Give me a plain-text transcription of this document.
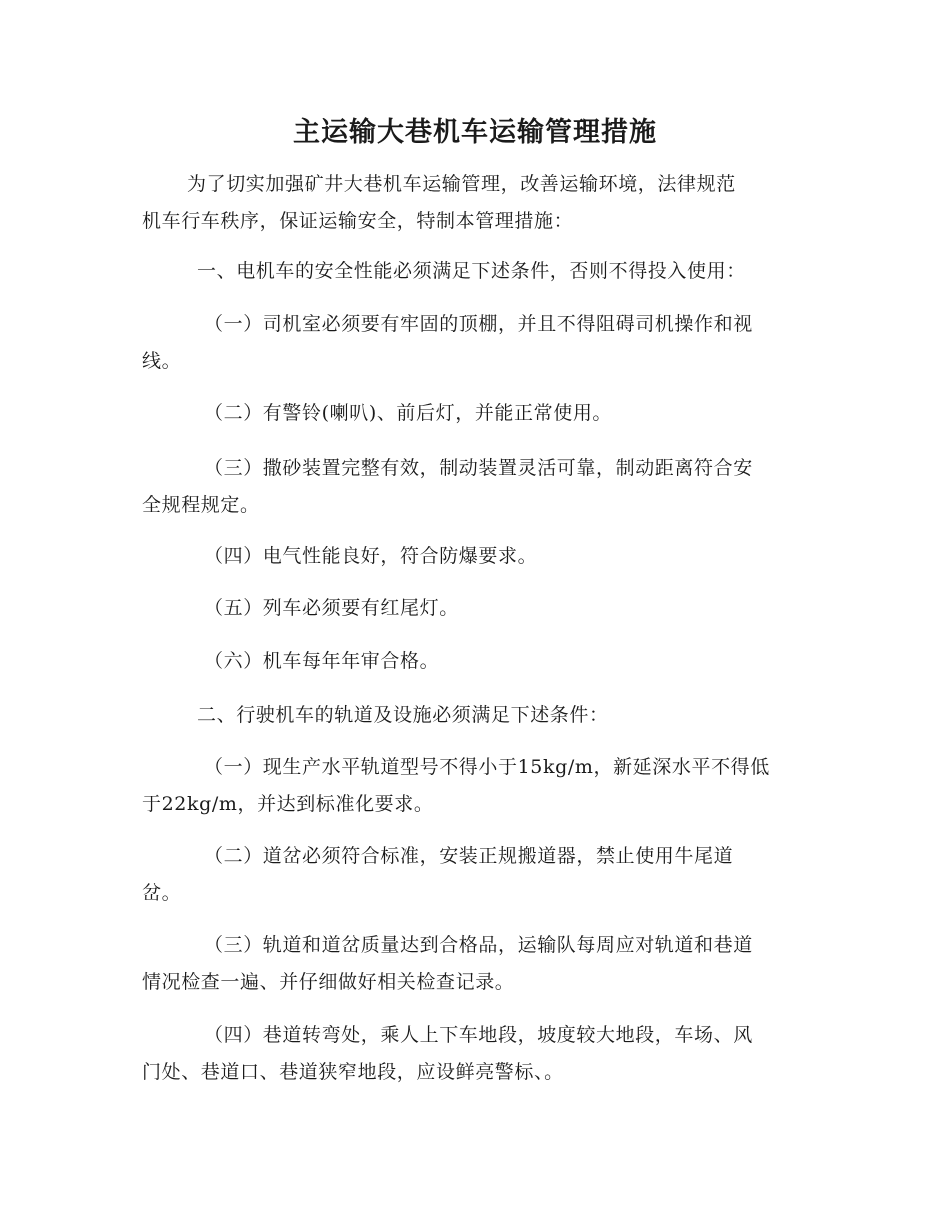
主运输大巷机车运输管理措施

为了切实加强矿井大巷机车运输管理，改善运输环境，法律规范
机车行车秩序，保证运输安全，特制本管理措施：

一、电机车的安全性能必须满足下述条件，否则不得投入使用：

（一）司机室必须要有牢固的顶棚，并且不得阻碍司机操作和视
线。

（二）有警铃(喇叭)、前后灯，并能正常使用。

（三）撒砂装置完整有效，制动装置灵活可靠，制动距离符合安
全规程规定。

（四）电气性能良好，符合防爆要求。

（五）列车必须要有红尾灯。

（六）机车每年年审合格。

二、行驶机车的轨道及设施必须满足下述条件：

（一）现生产水平轨道型号不得小于15kg/m，新延深水平不得低
于22kg/m，并达到标准化要求。

（二）道岔必须符合标准，安装正规搬道器，禁止使用牛尾道
岔。

（三）轨道和道岔质量达到合格品，运输队每周应对轨道和巷道
情况检查一遍、并仔细做好相关检查记录。

（四）巷道转弯处，乘人上下车地段，坡度较大地段，车场、风
门处、巷道口、巷道狭窄地段，应设鲜亮警标、。
